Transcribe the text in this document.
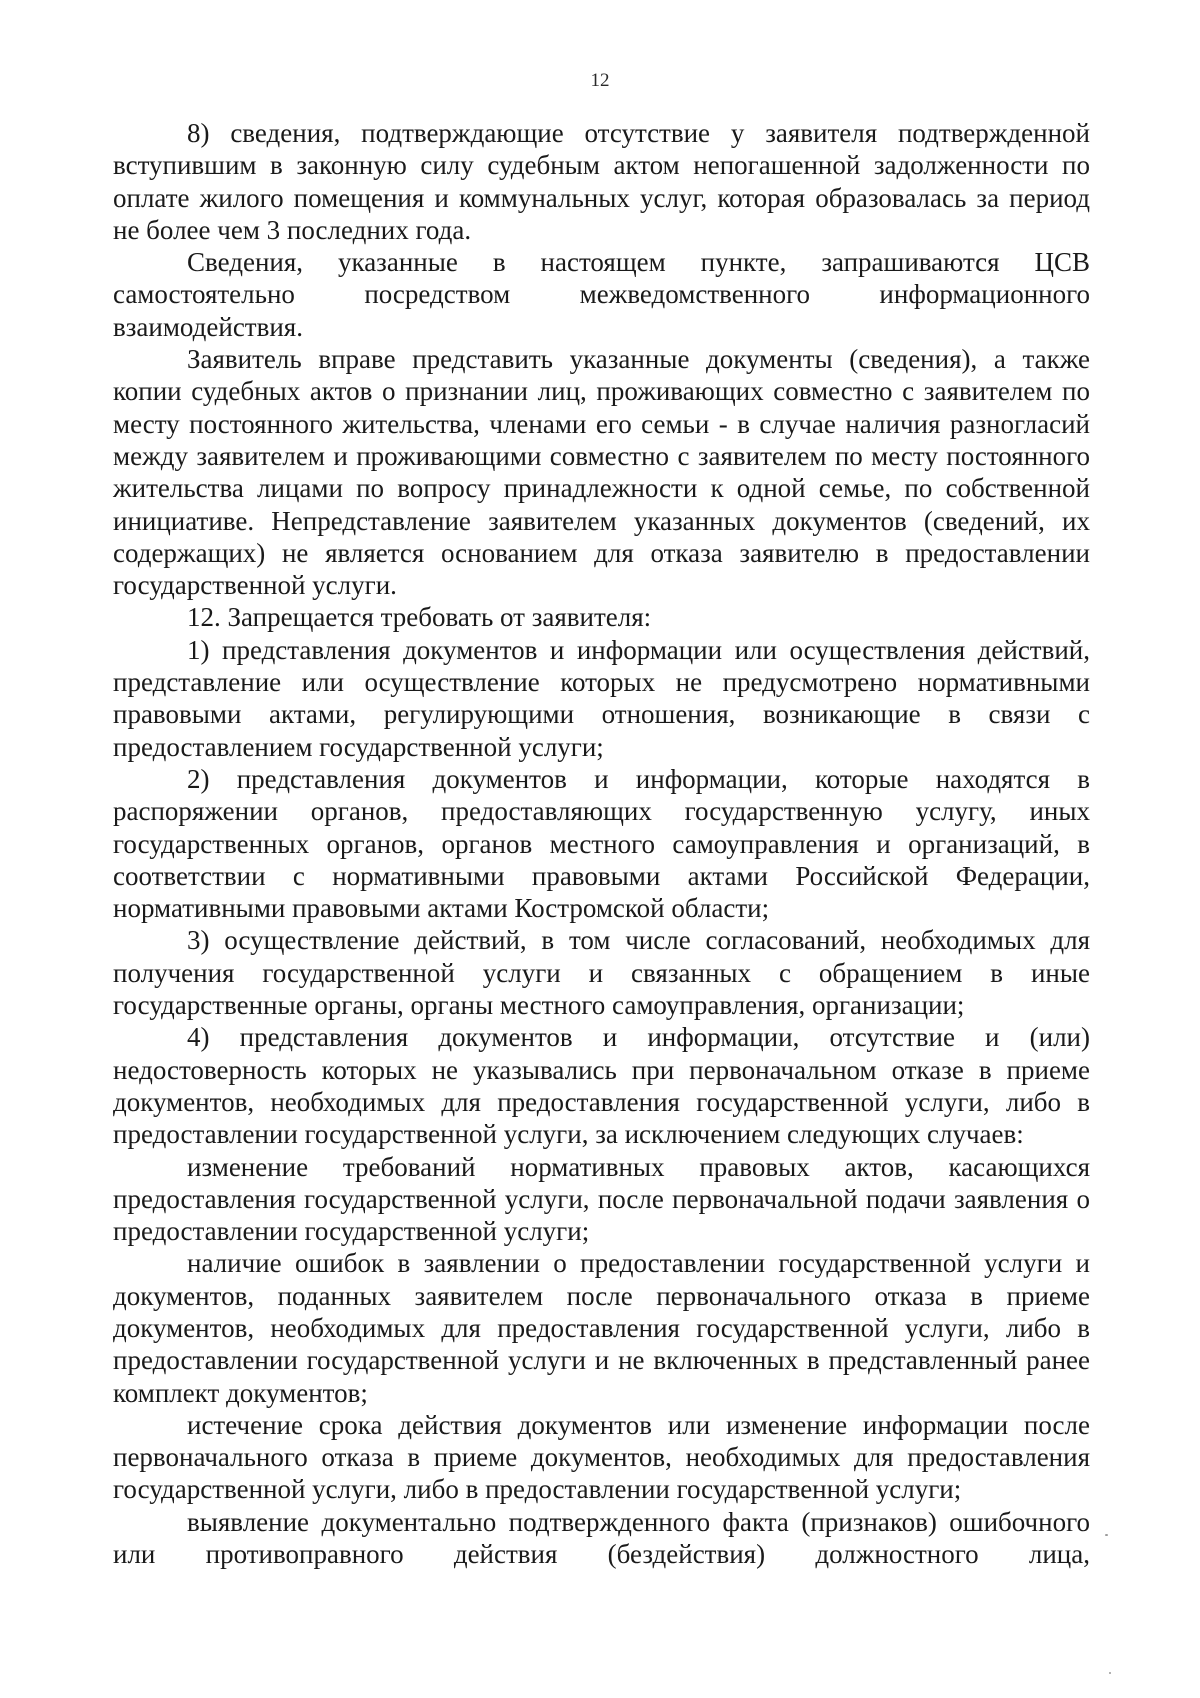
12

8) сведения, подтверждающие отсутствие у заявителя подтвержденной вступившим в законную силу судебным актом непогашенной задолженности по оплате жилого помещения и коммунальных услуг, которая образовалась за период не более чем 3 последних года.

Сведения, указанные в настоящем пункте, запрашиваются ЦСВ самостоятельно посредством межведомственного информационного взаимодействия.

Заявитель вправе представить указанные документы (сведения), а также копии судебных актов о признании лиц, проживающих совместно с заявителем по месту постоянного жительства, членами его семьи - в случае наличия разногласий между заявителем и проживающими совместно с заявителем по месту постоянного жительства лицами по вопросу принадлежности к одной семье, по собственной инициативе. Непредставление заявителем указанных документов (сведений, их содержащих) не является основанием для отказа заявителю в предоставлении государственной услуги.

12. Запрещается требовать от заявителя:

1) представления документов и информации или осуществления действий, представление или осуществление которых не предусмотрено нормативными правовыми актами, регулирующими отношения, возникающие в связи с предоставлением государственной услуги;

2) представления документов и информации, которые находятся в распоряжении органов, предоставляющих государственную услугу, иных государственных органов, органов местного самоуправления и организаций, в соответствии с нормативными правовыми актами Российской Федерации, нормативными правовыми актами Костромской области;

3) осуществление действий, в том числе согласований, необходимых для получения государственной услуги и связанных с обращением в иные государственные органы, органы местного самоуправления, организации;

4) представления документов и информации, отсутствие и (или) недостоверность которых не указывались при первоначальном отказе в приеме документов, необходимых для предоставления государственной услуги, либо в предоставлении государственной услуги, за исключением следующих случаев:

изменение требований нормативных правовых актов, касающихся предоставления государственной услуги, после первоначальной подачи заявления о предоставлении государственной услуги;

наличие ошибок в заявлении о предоставлении государственной услуги и документов, поданных заявителем после первоначального отказа в приеме документов, необходимых для предоставления государственной услуги, либо в предоставлении государственной услуги и не включенных в представленный ранее комплект документов;

истечение срока действия документов или изменение информации после первоначального отказа в приеме документов, необходимых для предоставления государственной услуги, либо в предоставлении государственной услуги;

выявление документально подтвержденного факта (признаков) ошибочного или противоправного действия (бездействия) должностного лица,
